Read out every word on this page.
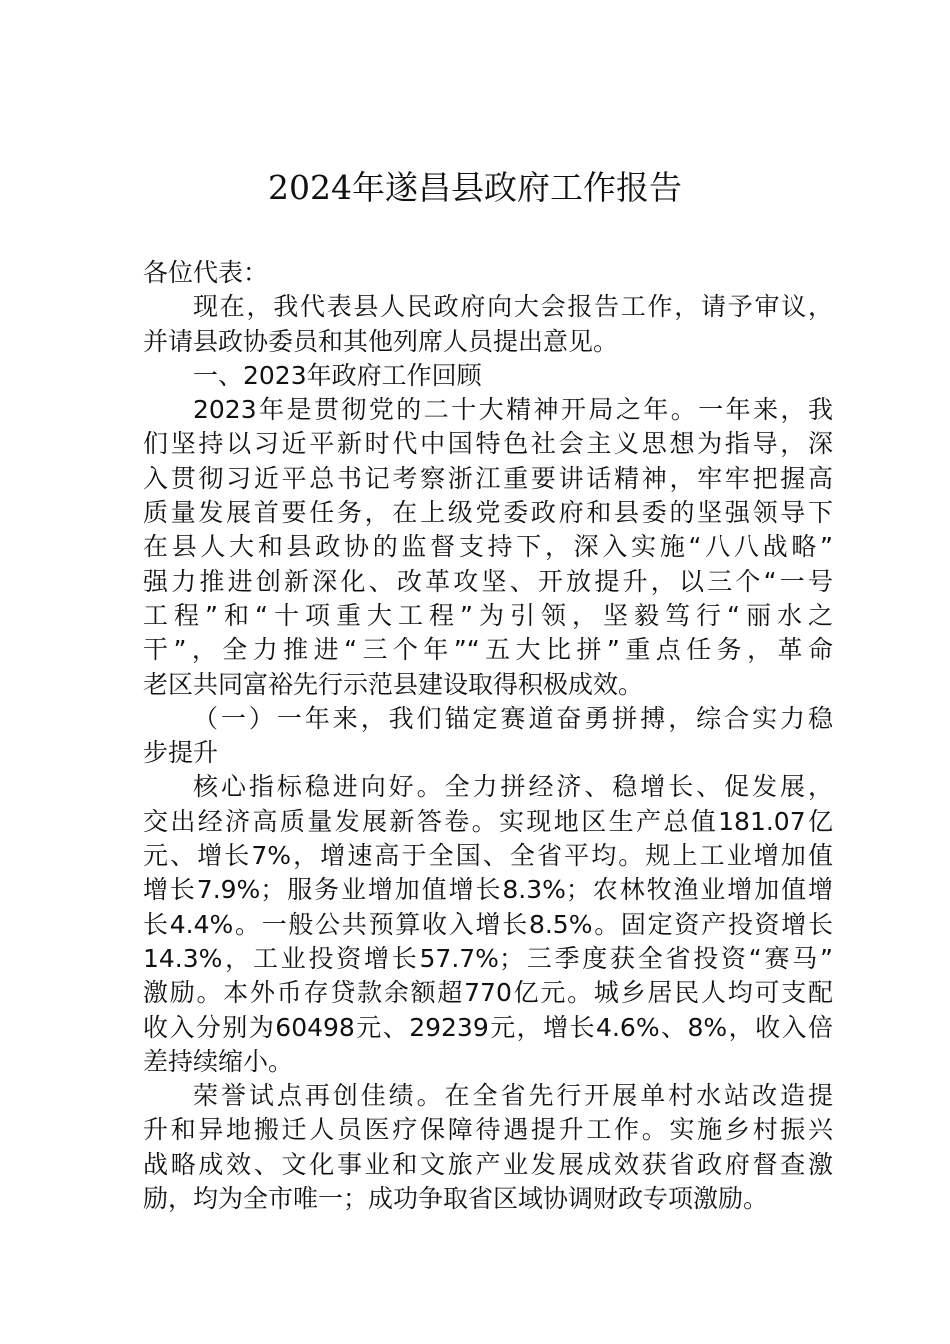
2024年遂昌县政府工作报告
各位代表：
现在，我代表县人民政府向大会报告工作，请予审议，
并请县政协委员和其他列席人员提出意见。
一、2023年政府工作回顾
2023年是贯彻党的二十大精神开局之年。一年来，我
们坚持以习近平新时代中国特色社会主义思想为指导，深
入贯彻习近平总书记考察浙江重要讲话精神，牢牢把握高
质量发展首要任务，在上级党委政府和县委的坚强领导下
在县人大和县政协的监督支持下，深入实施“八八战略”
强力推进创新深化、改革攻坚、开放提升，以三个“一号
工程”和“十项重大工程”为引领，坚毅笃行“丽水之
干”，全力推进“三个年”“五大比拼”重点任务，革命
老区共同富裕先行示范县建设取得积极成效。
（一）一年来，我们锚定赛道奋勇拼搏，综合实力稳
步提升
核心指标稳进向好。全力拼经济、稳增长、促发展，
交出经济高质量发展新答卷。实现地区生产总值181.07亿
元、增长7%，增速高于全国、全省平均。规上工业增加值
增长7.9%；服务业增加值增长8.3%；农林牧渔业增加值增
长4.4%。一般公共预算收入增长8.5%。固定资产投资增长
14.3%，工业投资增长57.7%；三季度获全省投资“赛马”
激励。本外币存贷款余额超770亿元。城乡居民人均可支配
收入分别为60498元、29239元，增长4.6%、8%，收入倍
差持续缩小。
荣誉试点再创佳绩。在全省先行开展单村水站改造提
升和异地搬迁人员医疗保障待遇提升工作。实施乡村振兴
战略成效、文化事业和文旅产业发展成效获省政府督查激
励，均为全市唯一；成功争取省区域协调财政专项激励。
